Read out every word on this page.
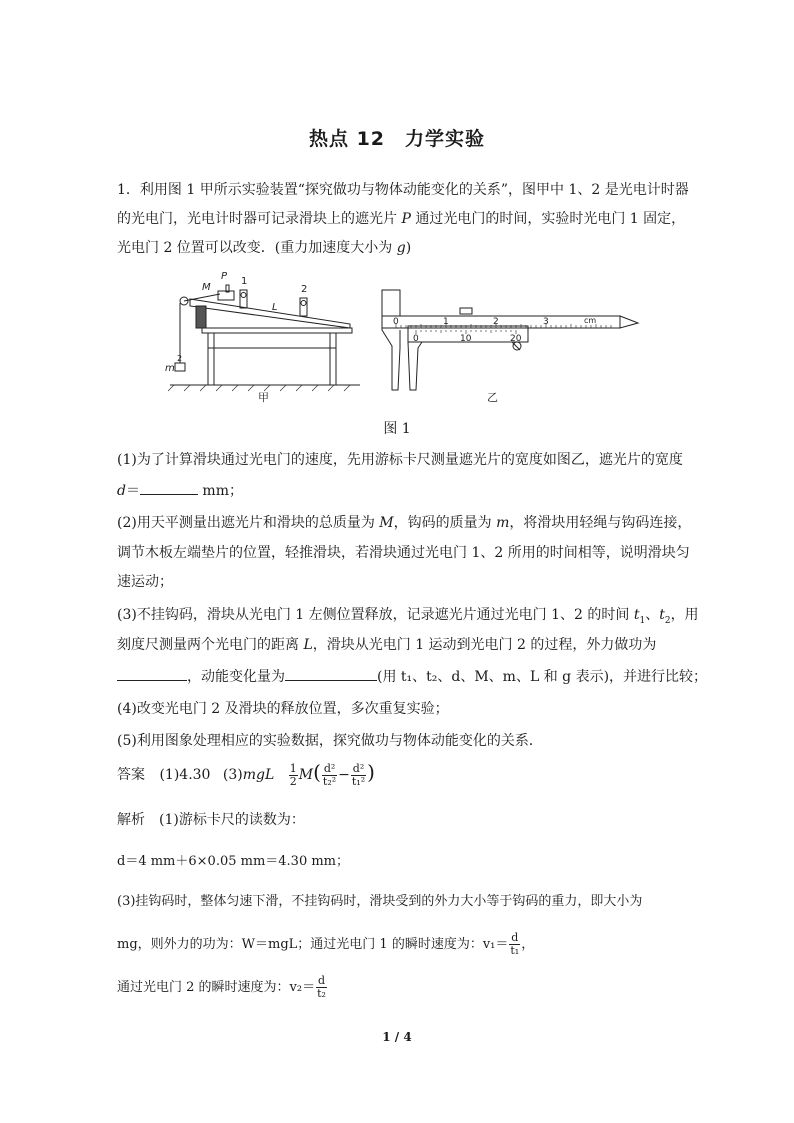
热点 12　力学实验
1．利用图 1 甲所示实验装置“探究做功与物体动能变化的关系”，图甲中 1、2 是光电计时器
的光电门，光电计时器可记录滑块上的遮光片 P 通过光电门的时间，实验时光电门 1 固定，
光电门 2 位置可以改变．(重力加速度大小为 g)
M
P 1
2
L
m
2
甲
0	1	2	3	cm
0	10	20
乙
图 1
(1)为了计算滑块通过光电门的速度，先用游标卡尺测量遮光片的宽度如图乙，遮光片的宽度
d＝	mm；
(2)用天平测量出遮光片和滑块的总质量为 M，钩码的质量为 m，将滑块用轻绳与钩码连接，
调节木板左端垫片的位置，轻推滑块，若滑块通过光电门 1、2 所用的时间相等，说明滑块匀
速运动；
(3)不挂钩码，滑块从光电门 1 左侧位置释放，记录遮光片通过光电门 1、2 的时间 $t_1$、$t_2$，用
刻度尺测量两个光电门的距离 L，滑块从光电门 1 运动到光电门 2 的过程，外力做功为
，动能变化量为	(用 t₁、t₂、d、M、m、L 和 g 表示)，并进行比较；
(4)改变光电门 2 及滑块的释放位置，多次重复实验；
(5)利用图象处理相应的实验数据，探究做功与物体动能变化的关系．
答案 (1)4.30 $(3)mgL \frac{1}{2} M( \frac{\text{d²}}{\text{t₂²}} - \frac{\text{d²}}{\text{t₁²}}$ )
解析 (1)游标卡尺的读数为：
d＝4 mm＋6×0.05 mm＝4.30 mm；
(3)挂钩码时，整体匀速下滑，不挂钩码时，滑块受到的外力大小等于钩码的重力，即大小为
mg，则外力的功为：W＝mgL；通过光电门 1 的瞬时速度为：$v_1= \frac{d}{\text{t₁}}$ ，
通过光电门 2 的瞬时速度为：$v_2= \frac{d}{\text{t₂}}$
1 / 4
